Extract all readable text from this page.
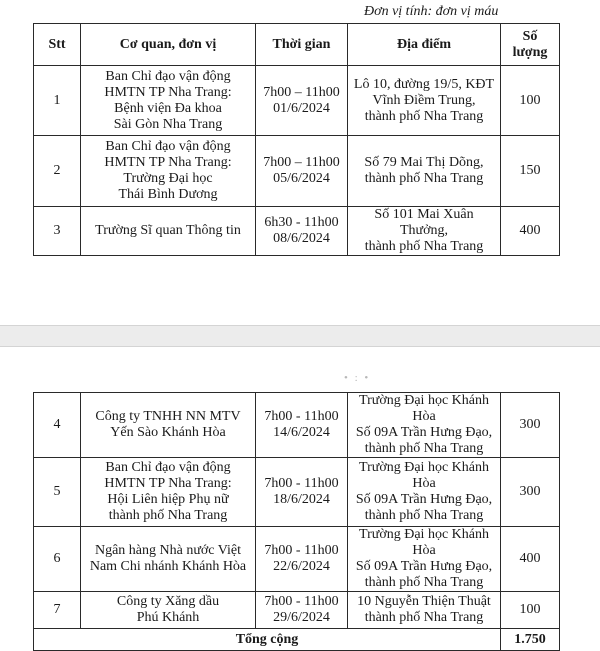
Đơn vị tính: đơn vị máu
Stt	Cơ quan, đơn vị	Thời gian	Địa điểm	Số
lượng

1	Ban Chỉ đạo vận động
HMTN TP Nha Trang:
Bệnh viện Đa khoa
Sài Gòn Nha Trang	7h00 – 11h00
01/6/2024	Lô 10, đường 19/5, KĐT
Vĩnh Điềm Trung,
thành phố Nha Trang	100
2	Ban Chỉ đạo vận động
HMTN TP Nha Trang:
Trường Đại học
Thái Bình Dương	7h00 – 11h00
05/6/2024	Số 79 Mai Thị Dõng,
thành phố Nha Trang	150
3	Trường Sĩ quan Thông tin	6h30 - 11h00
08/6/2024	Số 101 Mai Xuân Thưởng,
thành phố Nha Trang	400
• : •
4	Công ty TNHH NN MTV
Yến Sào Khánh Hòa	7h00 - 11h00
14/6/2024	Trường Đại học Khánh Hòa
Số 09A Trần Hưng Đạo,
thành phố Nha Trang	300
5	Ban Chỉ đạo vận động
HMTN TP Nha Trang:
Hội Liên hiệp Phụ nữ
thành phố Nha Trang	7h00 - 11h00
18/6/2024	Trường Đại học Khánh Hòa
Số 09A Trần Hưng Đạo,
thành phố Nha Trang	300
6	Ngân hàng Nhà nước Việt
Nam Chi nhánh Khánh Hòa	7h00 - 11h00
22/6/2024	Trường Đại học Khánh Hòa
Số 09A Trần Hưng Đạo,
thành phố Nha Trang	400
7	Công ty Xăng dầu
Phú Khánh	7h00 - 11h00
29/6/2024	10 Nguyễn Thiện Thuật
thành phố Nha Trang	100
Tổng cộng				1.750
